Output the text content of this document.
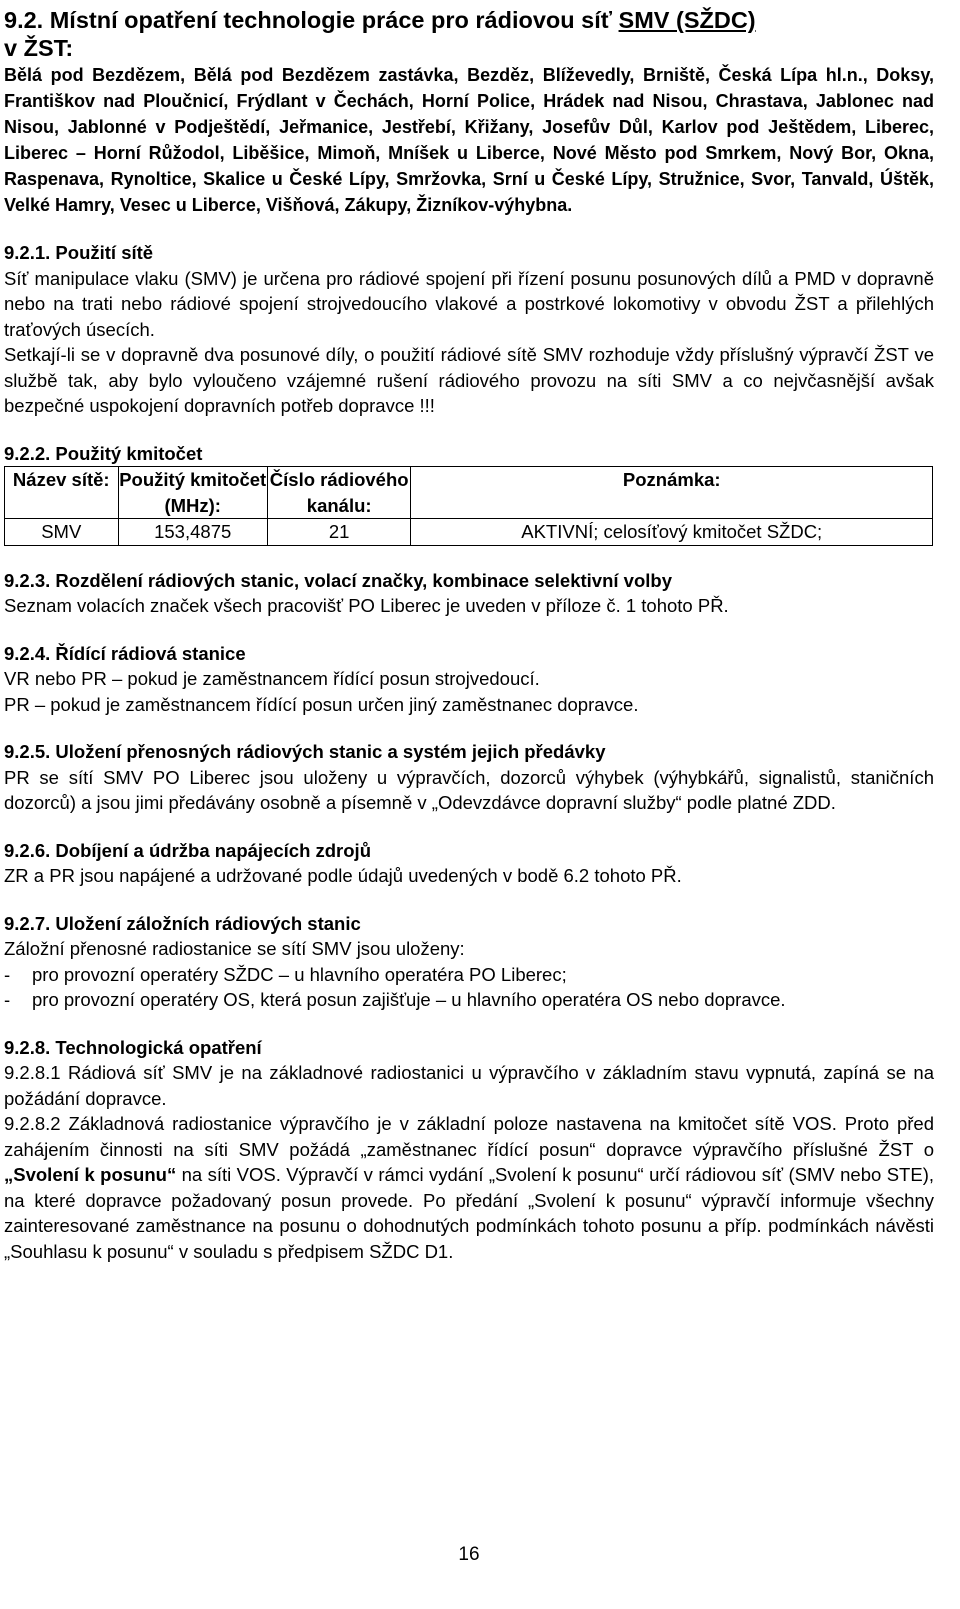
9.2. Místní opatření technologie práce pro rádiovou síť SMV (SŽDC)

v ŽST:

Bělá pod Bezdězem, Bělá pod Bezdězem zastávka, Bezděz, Blíževedly, Brniště, Česká Lípa hl.n., Doksy, Františkov nad Ploučnicí, Frýdlant v Čechách, Horní Police, Hrádek nad Nisou, Chrastava, Jablonec nad Nisou, Jablonné v Podještědí, Jeřmanice, Jestřebí, Křižany, Josefův Důl, Karlov pod Ještědem, Liberec, Liberec – Horní Růžodol, Liběšice, Mimoň, Mníšek u Liberce, Nové Město pod Smrkem, Nový Bor, Okna, Raspenava, Rynoltice, Skalice u České Lípy, Smržovka, Srní u České Lípy, Stružnice, Svor, Tanvald, Úštěk, Velké Hamry, Vesec u Liberce, Višňová, Zákupy, Žizníkov-výhybna.

9.2.1. Použití sítě
Síť manipulace vlaku (SMV) je určena pro rádiové spojení při řízení posunu posunových dílů a PMD v dopravně nebo na trati nebo rádiové spojení strojvedoucího vlakové a postrkové lokomotivy v obvodu ŽST a přilehlých traťových úsecích.
Setkají-li se v dopravně dva posunové díly, o použití rádiové sítě SMV rozhoduje vždy příslušný výpravčí ŽST ve službě tak, aby bylo vyloučeno vzájemné rušení rádiového provozu na síti SMV a co nejvčasnější avšak bezpečné uspokojení dopravních potřeb dopravce !!!
9.2.2. Použitý kmitočet
Název sítě:	Použitý kmitočet (MHz):	Číslo rádiového kanálu:	Poznámka:
SMV	153,4875	21	AKTIVNÍ; celosíťový kmitočet SŽDC;
9.2.3. Rozdělení rádiových stanic, volací značky, kombinace selektivní volby
Seznam volacích značek všech pracovišť PO Liberec je uveden v příloze č. 1 tohoto PŘ.
9.2.4. Řídící rádiová stanice
VR nebo PR – pokud je zaměstnancem řídící posun strojvedoucí.
PR – pokud je zaměstnancem řídící posun určen jiný zaměstnanec dopravce.
9.2.5. Uložení přenosných rádiových stanic a systém jejich předávky
PR se sítí SMV PO Liberec jsou uloženy u výpravčích, dozorců výhybek (výhybkářů, signalistů, staničních dozorců) a jsou jimi předávány osobně a písemně v „Odevzdávce dopravní služby“ podle platné ZDD.
9.2.6. Dobíjení a údržba napájecích zdrojů
ZR a PR jsou napájené a udržované podle údajů uvedených v bodě 6.2 tohoto PŘ.
9.2.7. Uložení záložních rádiových stanic
Záložní přenosné radiostanice se sítí SMV jsou uloženy:
-	pro provozní operatéry SŽDC – u hlavního operatéra PO Liberec;
-	pro provozní operatéry OS, která posun zajišťuje – u hlavního operatéra OS nebo dopravce.
9.2.8. Technologická opatření
9.2.8.1 Rádiová síť SMV je na základnové radiostanici u výpravčího v základním stavu vypnutá, zapíná se na požádání dopravce.
9.2.8.2 Základnová radiostanice výpravčího je v základní poloze nastavena na kmitočet sítě VOS. Proto před zahájením činnosti na síti SMV požádá „zaměstnanec řídící posun“ dopravce výpravčího příslušné ŽST o „Svolení k posunu“ na síti VOS. Výpravčí v rámci vydání „Svolení k posunu“ určí rádiovou síť (SMV nebo STE), na které dopravce požadovaný posun provede. Po předání „Svolení k posunu“ výpravčí informuje všechny zainteresované zaměstnance na posunu o dohodnutých podmínkách tohoto posunu a příp. podmínkách návěsti „Souhlasu k posunu“ v souladu s předpisem SŽDC D1.
16
